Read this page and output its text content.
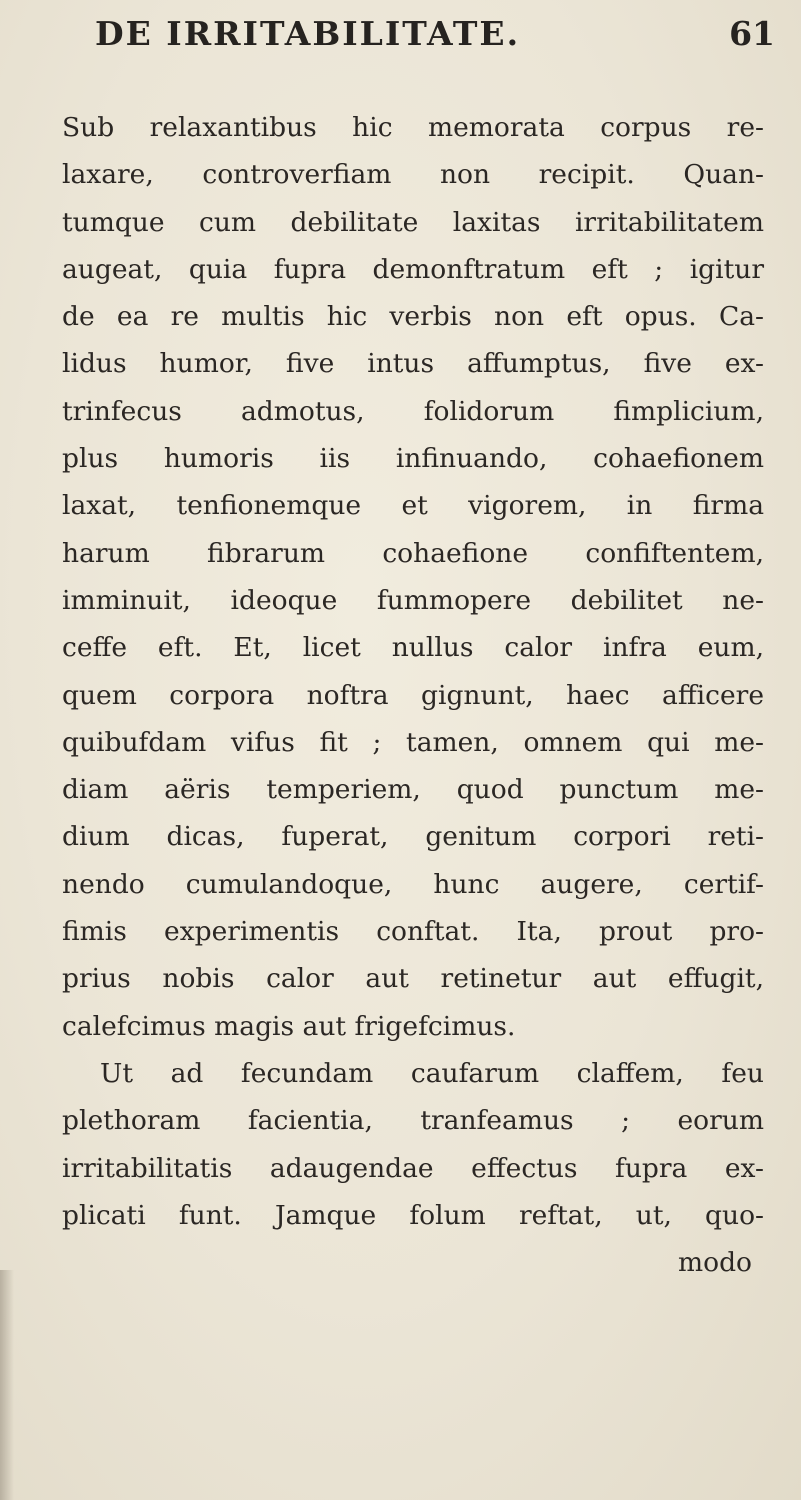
DE IRRITABILITATE.	61
Sub relaxantibus hic memorata corpus re-
laxare, controverfiam non recipit. Quan-
tumque cum debilitate laxitas irritabilitatem
augeat, quia fupra demonftratum eft ; igitur
de ea re multis hic verbis non eft opus. Ca-
lidus humor, five intus affumptus, five ex-
trinfecus admotus, folidorum fimplicium,
plus humoris iis infinuando, cohaefionem
laxat, tenfionemque et vigorem, in firma
harum fibrarum cohaefione confiftentem,
imminuit, ideoque fummopere debilitet ne-
ceffe eft. Et, licet nullus calor infra eum,
quem corpora noftra gignunt, haec afficere
quibufdam vifus fit ; tamen, omnem qui me-
diam aëris temperiem, quod punctum me-
dium dicas, fuperat, genitum corpori reti-
nendo cumulandoque, hunc augere, certif-
fimis experimentis conftat. Ita, prout pro-
prius nobis calor aut retinetur aut effugit,
calefcimus magis aut frigefcimus.
Ut ad fecundam caufarum claffem, feu
plethoram facientia, tranfeamus ; eorum
irritabilitatis adaugendae effectus fupra ex-
plicati funt. Jamque folum reftat, ut, quo-
modo
